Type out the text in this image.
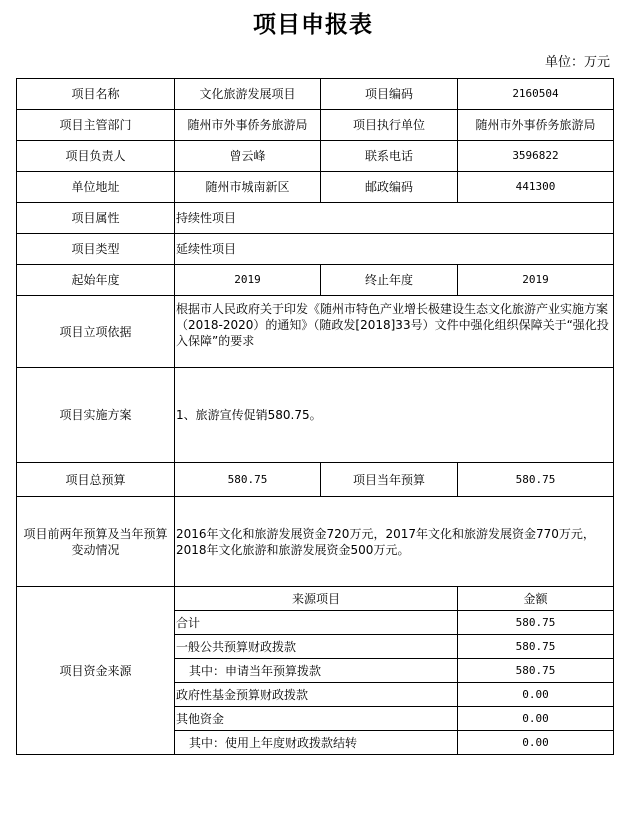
项目申报表
单位：万元
项目名称	文化旅游发展项目	项目编码	2160504
项目主管部门	随州市外事侨务旅游局	项目执行单位	随州市外事侨务旅游局
项目负责人	曾云峰	联系电话	3596822
单位地址	随州市城南新区	邮政编码	441300
项目属性	持续性项目		
项目类型	延续性项目		
起始年度	2019	终止年度	2019
项目立项依据	根据市人民政府关于印发《随州市特色产业增长极建设生态文化旅游产业实施方案（2018-2020）的通知》（随政发[2018]33号）文件中强化组织保障关于“强化投入保障”的要求		
项目实施方案	1、旅游宣传促销580.75。		
项目总预算	580.75	项目当年预算	580.75
项目前两年预算及当年预算变动情况	2016年文化和旅游发展资金720万元，2017年文化和旅游发展资金770万元，2018年文化旅游和旅游发展资金500万元。		
项目资金来源	来源项目		金额
	合计		580.75
	一般公共预算财政拨款		580.75
	其中：申请当年预算拨款		580.75
	政府性基金预算财政拨款		0.00
	其他资金		0.00
	其中：使用上年度财政拨款结转		0.00
